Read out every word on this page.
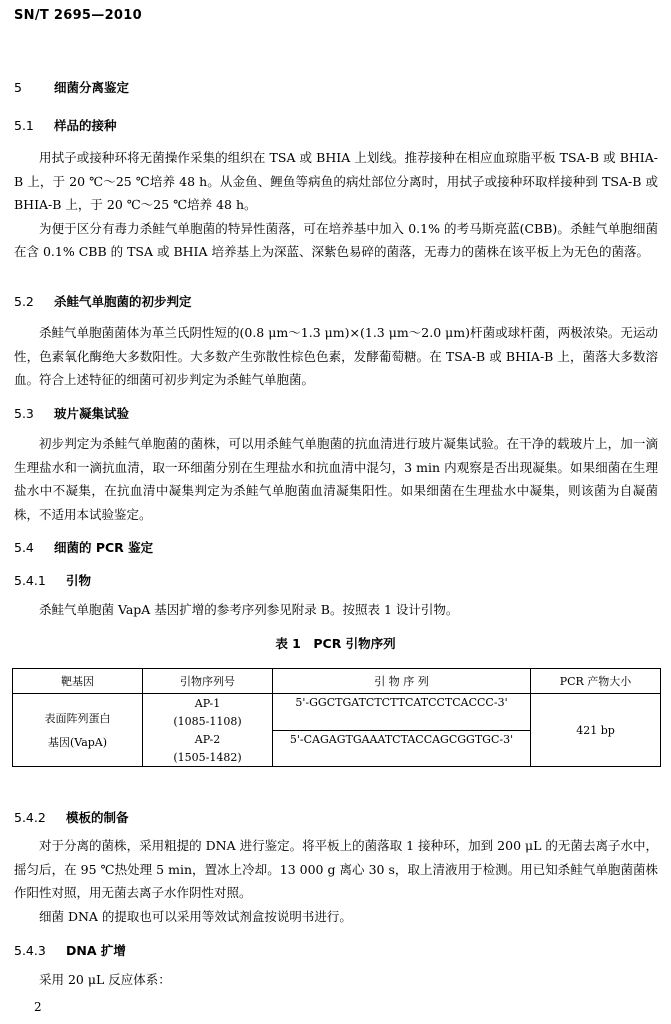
SN/T 2695—2010
5	细菌分离鉴定
5.1 样品的接种

用拭子或接种环将无菌操作采集的组织在 TSA 或 BHIA 上划线。推荐接种在相应血琼脂平板 TSA-B 或 BHIA-B 上，于 20 ℃～25 ℃培养 48 h。从金鱼、鲤鱼等病鱼的病灶部位分离时，用拭子或接种环取样接种到 TSA-B 或 BHIA-B 上，于 20 ℃～25 ℃培养 48 h。

为便于区分有毒力杀鲑气单胞菌的特异性菌落，可在培养基中加入 0.1% 的考马斯亮蓝(CBB)。杀鲑气单胞细菌在含 0.1% CBB 的 TSA 或 BHIA 培养基上为深蓝、深紫色易碎的菌落，无毒力的菌株在该平板上为无色的菌落。

5.2 杀鲑气单胞菌的初步判定

杀鲑气单胞菌菌体为革兰氏阴性短的(0.8 μm～1.3 μm)×(1.3 μm～2.0 μm)杆菌或球杆菌，两极浓染。无运动性，色素氧化酶绝大多数阳性。大多数产生弥散性棕色色素，发酵葡萄糖。在 TSA-B 或 BHIA-B 上，菌落大多数溶血。符合上述特征的细菌可初步判定为杀鲑气单胞菌。

5.3 玻片凝集试验

初步判定为杀鲑气单胞菌的菌株，可以用杀鲑气单胞菌的抗血清进行玻片凝集试验。在干净的载玻片上，加一滴生理盐水和一滴抗血清，取一环细菌分别在生理盐水和抗血清中混匀，3 min 内观察是否出现凝集。如果细菌在生理盐水中不凝集，在抗血清中凝集判定为杀鲑气单胞菌血清凝集阳性。如果细菌在生理盐水中凝集，则该菌为自凝菌株，不适用本试验鉴定。

5.4 细菌的 PCR 鉴定
5.4.1 引物

杀鲑气单胞菌 VapA 基因扩增的参考序列参见附录 B。按照表 1 设计引物。

表 1　PCR 引物序列
靶基因	引物序列号	引 物 序 列	PCR 产物大小

表面阵列蛋白
基因(VapA)	AP-1	5'-GGCTGATCTCTTCATCCTCACCC-3'	421 bp
	(1085-1108)		
	AP-2	5'-CAGAGTGAAATCTACCAGCGGTGC-3'	
	(1505-1482)		
5.4.2 模板的制备

对于分离的菌株，采用粗提的 DNA 进行鉴定。将平板上的菌落取 1 接种环，加到 200 μL 的无菌去离子水中，摇匀后，在 95 ℃热处理 5 min，置冰上冷却。13 000 g 离心 30 s，取上清液用于检测。用已知杀鲑气单胞菌菌株作阳性对照，用无菌去离子水作阴性对照。

细菌 DNA 的提取也可以采用等效试剂盒按说明书进行。

5.4.3 DNA 扩增

采用 20 μL 反应体系：

2
